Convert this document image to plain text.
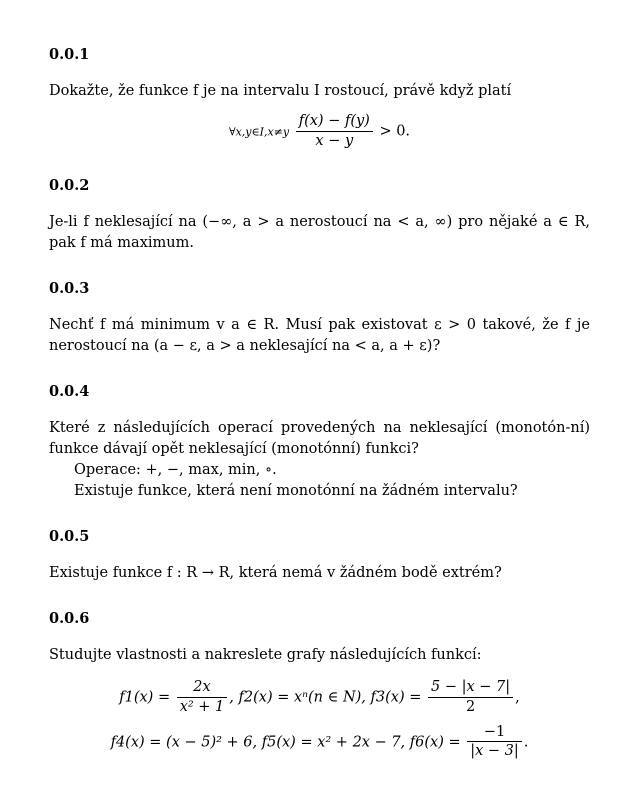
0.0.1

Dokažte, že funkce f je na intervalu I rostoucí, právě když platí

∀x,y∈I,x≠y $\frac{f(x) - f(y)}{x - y} > 0$.
0.0.2

Je-li f neklesající na (−∞, a > a nerostoucí na < a, ∞) pro nějaké a ∈ R, pak f má maximum.

0.0.3

Nechť f má minimum v a ∈ R. Musí pak existovat ε > 0 takové, že f je nerostoucí na (a − ε, a > a neklesající na < a, a + ε)?

0.0.4

Které z následujících operací provedených na neklesající (monotón-ní) funkce dávají opět neklesající (monotónní) funkci?

Operace: +, −, max, min, ∘.

Existuje funkce, která není monotónní na žádném intervalu?

0.0.5

Existuje funkce f : R → R, která nemá v žádném bodě extrém?

0.0.6

Studujte vlastnosti a nakreslete grafy následujících funkcí:

$f1(x) = \frac{2x}{\text{x² + 1}}$ , f2(x) = xⁿ(n ∈ N), $f3(x) = \frac{5 - |x - 7|}{2}$ ,
f4(x) = (x − 5)² + 6, f5(x) = x² + 2x − 7, $f6(x) = \frac{-1}{|x - 3|}$ .
